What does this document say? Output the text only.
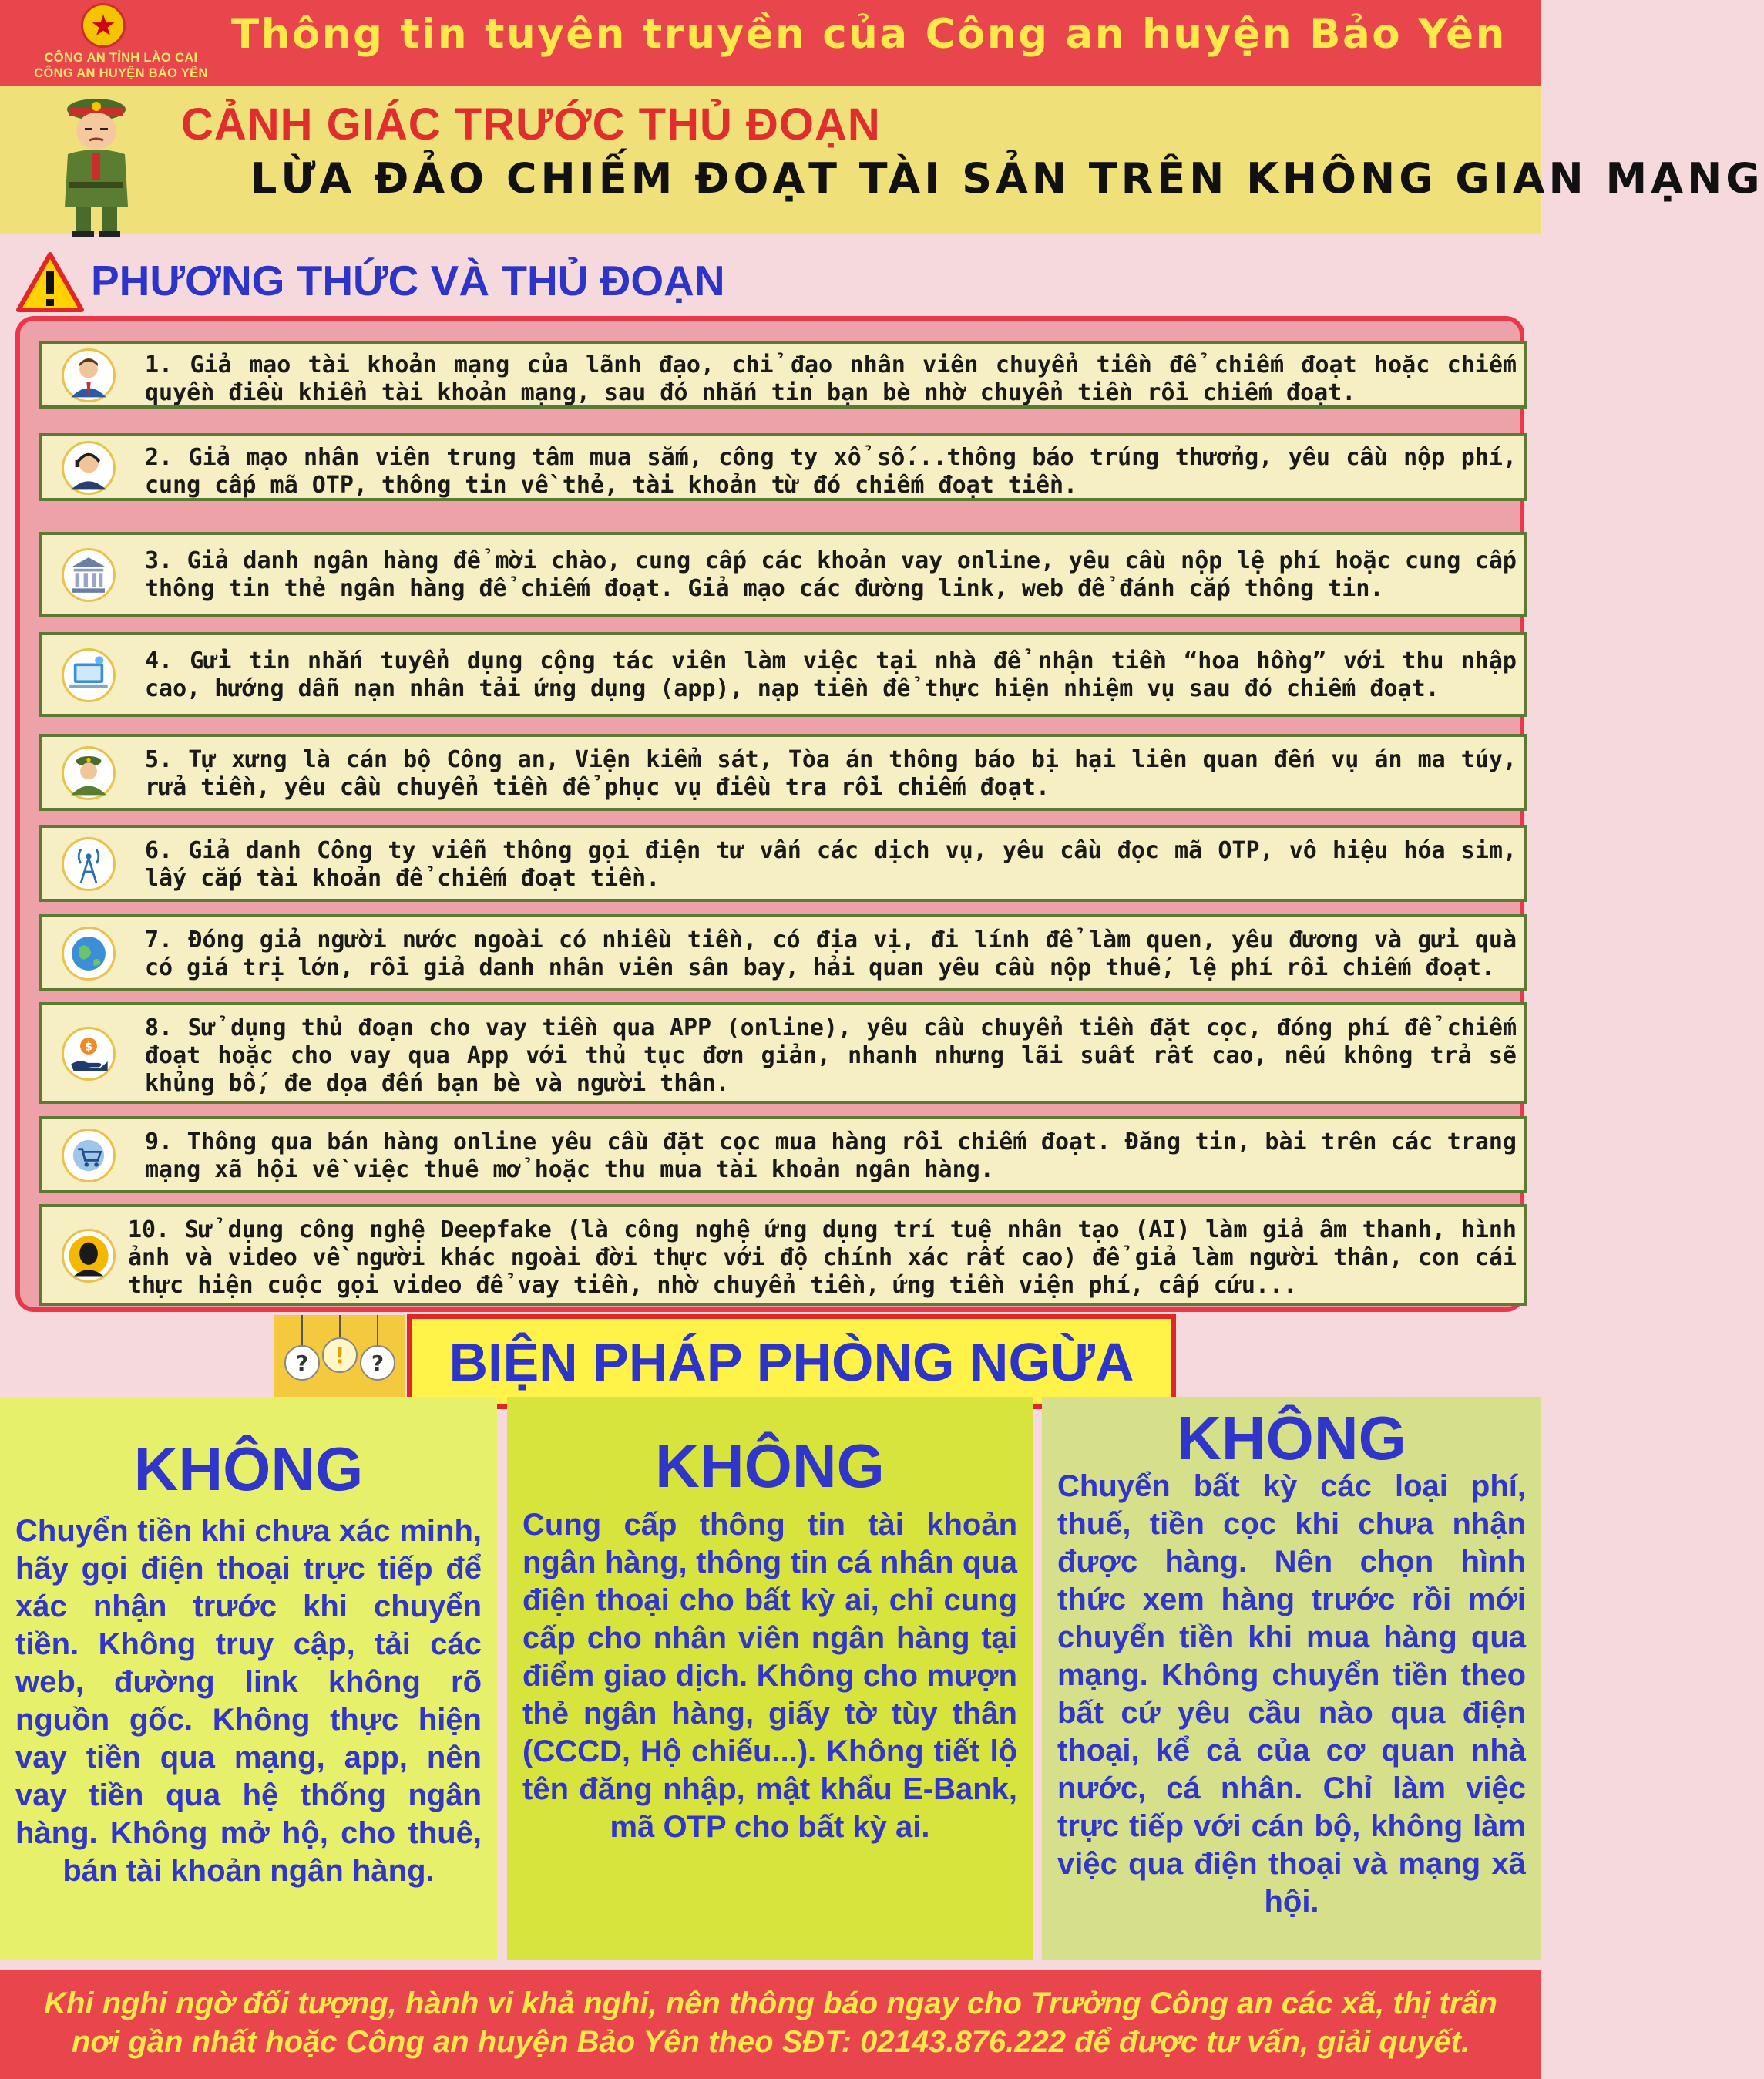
★
CÔNG AN TỈNH LÀO CAI
CÔNG AN HUYỆN BẢO YÊN
Thông tin tuyên truyền của Công an huyện Bảo Yên
CẢNH GIÁC TRƯỚC THỦ ĐOẠN
LỪA ĐẢO CHIẾM ĐOẠT TÀI SẢN TRÊN KHÔNG GIAN MẠNG
PHƯƠNG THỨC VÀ THỦ ĐOẠN
1. Giả mạo tài khoản mạng của lãnh đạo, chỉ đạo nhân viên chuyển tiền để chiếm đoạt hoặc chiếm quyền điều khiển tài khoản mạng, sau đó nhắn tin bạn bè nhờ chuyển tiền rồi chiếm đoạt.
2. Giả mạo nhân viên trung tâm mua sắm, công ty xổ số...thông báo trúng thưởng, yêu cầu nộp phí, cung cấp mã OTP, thông tin về thẻ, tài khoản từ đó chiếm đoạt tiền.
3. Giả danh ngân hàng để mời chào, cung cấp các khoản vay online, yêu cầu nộp lệ phí hoặc cung cấp thông tin thẻ ngân hàng để chiếm đoạt. Giả mạo các đường link, web để đánh cắp thông tin.
4. Gửi tin nhắn tuyển dụng cộng tác viên làm việc tại nhà để nhận tiền “hoa hồng” với thu nhập cao, hướng dẫn nạn nhân tải ứng dụng (app), nạp tiền để thực hiện nhiệm vụ sau đó chiếm đoạt.
5. Tự xưng là cán bộ Công an, Viện kiểm sát, Tòa án thông báo bị hại liên quan đến vụ án ma túy, rửa tiền, yêu cầu chuyển tiền để phục vụ điều tra rồi chiếm đoạt.
6. Giả danh Công ty viễn thông gọi điện tư vấn các dịch vụ, yêu cầu đọc mã OTP, vô hiệu hóa sim, lấy cắp tài khoản để chiếm đoạt tiền.
7. Đóng giả người nước ngoài có nhiều tiền, có địa vị, đi lính để làm quen, yêu đương và gửi quà có giá trị lớn, rồi giả danh nhân viên sân bay, hải quan yêu cầu nộp thuế, lệ phí rồi chiếm đoạt.
$
8. Sử dụng thủ đoạn cho vay tiền qua APP (online), yêu cầu chuyển tiền đặt cọc, đóng phí để chiếm đoạt hoặc cho vay qua App với thủ tục đơn giản, nhanh nhưng lãi suất rất cao, nếu không trả sẽ khủng bố, đe dọa đến bạn bè và người thân.
9. Thông qua bán hàng online yêu cầu đặt cọc mua hàng rồi chiếm đoạt. Đăng tin, bài trên các trang mạng xã hội về việc thuê mở hoặc thu mua tài khoản ngân hàng.
10. Sử dụng công nghệ Deepfake (là công nghệ ứng dụng trí tuệ nhân tạo (AI) làm giả âm thanh, hình ảnh và video về người khác ngoài đời thực với độ chính xác rất cao) để giả làm người thân, con cái thực hiện cuộc gọi video để vay tiền, nhờ chuyển tiền, ứng tiền viện phí, cấp cứu...
? ! ?	BIỆN PHÁP PHÒNG NGỪA
KHÔNG
Chuyển tiền khi chưa xác minh, hãy gọi điện thoại trực tiếp để xác nhận trước khi chuyển tiền. Không truy cập, tải các web, đường link không rõ nguồn gốc. Không thực hiện vay tiền qua mạng, app, nên vay tiền qua hệ thống ngân hàng. Không mở hộ, cho thuê, bán tài khoản ngân hàng.
KHÔNG
Cung cấp thông tin tài khoản ngân hàng, thông tin cá nhân qua điện thoại cho bất kỳ ai, chỉ cung cấp cho nhân viên ngân hàng tại điểm giao dịch. Không cho mượn thẻ ngân hàng, giấy tờ tùy thân (CCCD, Hộ chiếu...). Không tiết lộ tên đăng nhập, mật khẩu E-Bank, mã OTP cho bất kỳ ai.
KHÔNG
Chuyển bất kỳ các loại phí, thuế, tiền cọc khi chưa nhận được hàng. Nên chọn hình thức xem hàng trước rồi mới chuyển tiền khi mua hàng qua mạng. Không chuyển tiền theo bất cứ yêu cầu nào qua điện thoại, kể cả của cơ quan nhà nước, cá nhân. Chỉ làm việc trực tiếp với cán bộ, không làm việc qua điện thoại và mạng xã hội.
Khi nghi ngờ đối tượng, hành vi khả nghi, nên thông báo ngay cho Trưởng Công an các xã, thị trấn nơi gần nhất hoặc Công an huyện Bảo Yên theo SĐT: 02143.876.222 để được tư vấn, giải quyết.
